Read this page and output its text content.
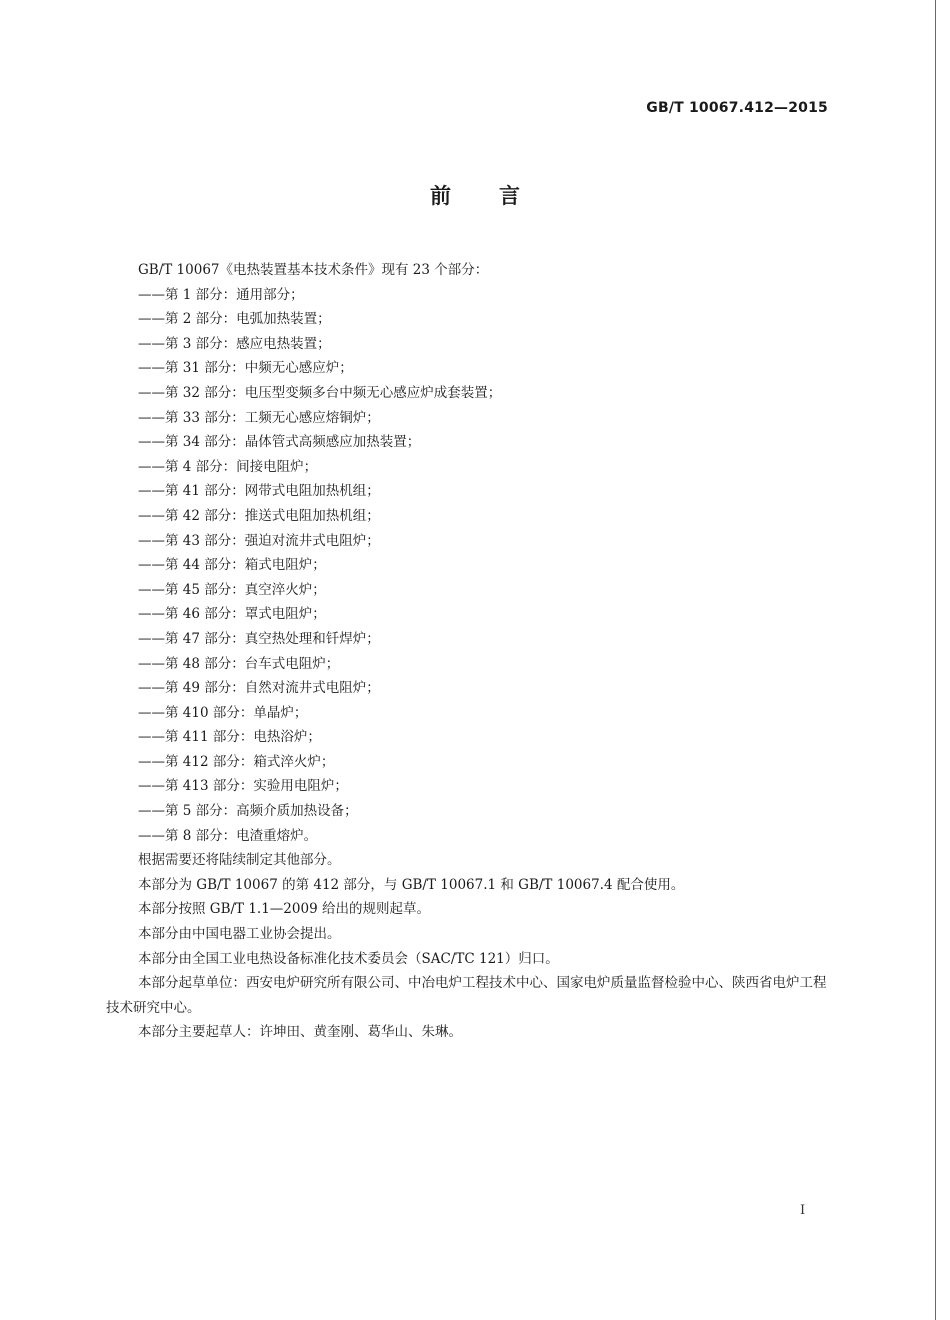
GB/T 10067.412—2015
前言

GB/T 10067《电热装置基本技术条件》现有 23 个部分：

——第 1 部分：通用部分；

——第 2 部分：电弧加热装置；

——第 3 部分：感应电热装置；

——第 31 部分：中频无心感应炉；

——第 32 部分：电压型变频多台中频无心感应炉成套装置；

——第 33 部分：工频无心感应熔铜炉；

——第 34 部分：晶体管式高频感应加热装置；

——第 4 部分：间接电阻炉；

——第 41 部分：网带式电阻加热机组；

——第 42 部分：推送式电阻加热机组；

——第 43 部分：强迫对流井式电阻炉；

——第 44 部分：箱式电阻炉；

——第 45 部分：真空淬火炉；

——第 46 部分：罩式电阻炉；

——第 47 部分：真空热处理和钎焊炉；

——第 48 部分：台车式电阻炉；

——第 49 部分：自然对流井式电阻炉；

——第 410 部分：单晶炉；

——第 411 部分：电热浴炉；

——第 412 部分：箱式淬火炉；

——第 413 部分：实验用电阻炉；

——第 5 部分：高频介质加热设备；

——第 8 部分：电渣重熔炉。

根据需要还将陆续制定其他部分。

本部分为 GB/T 10067 的第 412 部分，与 GB/T 10067.1 和 GB/T 10067.4 配合使用。

本部分按照 GB/T 1.1—2009 给出的规则起草。

本部分由中国电器工业协会提出。

本部分由全国工业电热设备标准化技术委员会（SAC/TC 121）归口。

本部分起草单位：西安电炉研究所有限公司、中冶电炉工程技术中心、国家电炉质量监督检验中心、陕西省电炉工程技术研究中心。

本部分主要起草人：许坤田、黄奎刚、葛华山、朱琳。

I
